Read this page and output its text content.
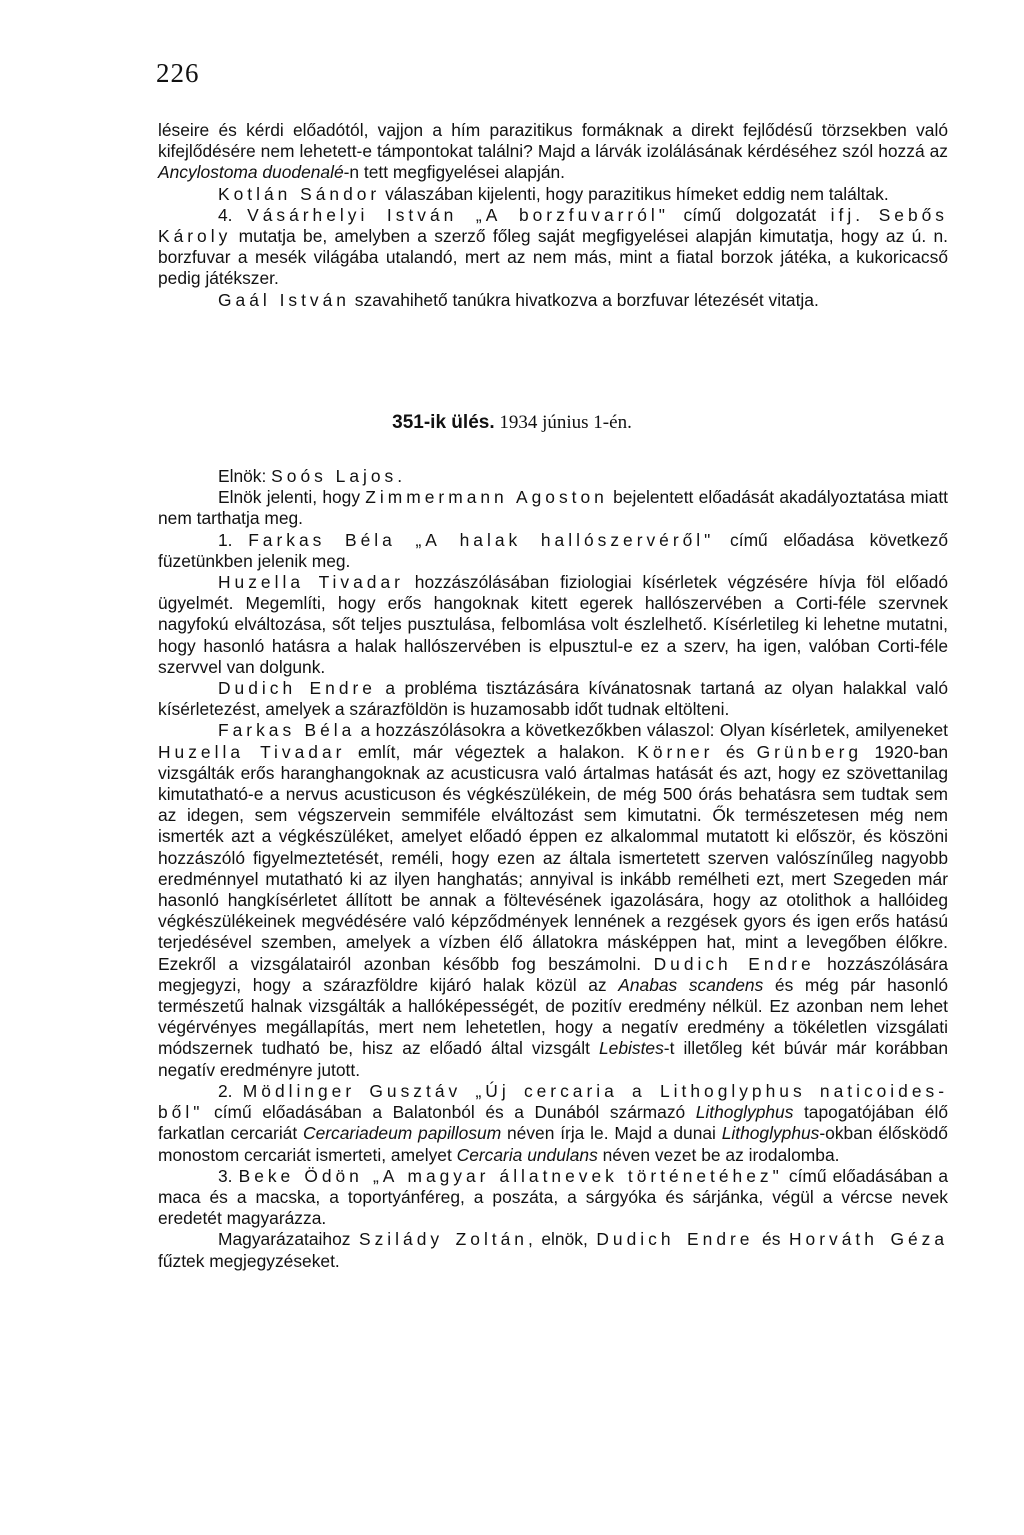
226

léseire és kérdi előadótól, vajjon a hím parazitikus formáknak a direkt fejlődésű törzsekben való kifejlődésére nem lehetett-e támpontokat találni? Majd a lárvák izolálásának kérdéséhez szól hozzá az Ancylostoma duodenalé-n tett megfigyelései alapján.

Kotlán Sándor válaszában kijelenti, hogy parazitikus hímeket eddig nem találtak.

4. Vásárhelyi István „A borzfuvarról" című dolgozatát ifj. Sebős Károly mutatja be, amelyben a szerző főleg saját megfigyelései alapján kimutatja, hogy az ú. n. borzfuvar a mesék világába utalandó, mert az nem más, mint a fiatal borzok játéka, a kukoricacső pedig játékszer.

Gaál István szavahihető tanúkra hivatkozva a borzfuvar létezését vitatja.

351-ik ülés. 1934 június 1-én.

Elnök: Soós Lajos.

Elnök jelenti, hogy Zimmermann Agoston bejelentett előadását akadályoztatása miatt nem tarthatja meg.

1. Farkas Béla „A halak hallószervéről" című előadása következő füzetünkben jelenik meg.

Huzella Tivadar hozzászólásában fiziologiai kísérletek végzésére hívja föl előadó ügyelmét. Megemlíti, hogy erős hangoknak kitett egerek hallószervében a Corti-féle szervnek nagyfokú elváltozása, sőt teljes pusztulása, felbomlása volt észlelhető. Kísérletileg ki lehetne mutatni, hogy hasonló hatásra a halak hallószervében is elpusztul-e ez a szerv, ha igen, valóban Corti-féle szervvel van dolgunk.

Dudich Endre a probléma tisztázására kívánatosnak tartaná az olyan halakkal való kísérletezést, amelyek a szárazföldön is huzamosabb időt tudnak eltölteni.

Farkas Béla a hozzászólásokra a következőkben válaszol: Olyan kísérletek, amilyeneket Huzella Tivadar említ, már végeztek a halakon. Körner és Grünberg 1920-ban vizsgálták erős haranghangoknak az acusticusra való ártalmas hatását és azt, hogy ez szövettanilag kimutatható-e a nervus acusticuson és végkészülékein, de még 500 órás behatásra sem tudtak sem az idegen, sem végszervein semmiféle elváltozást sem kimutatni. Ők természetesen még nem ismerték azt a végkészüléket, amelyet előadó éppen ez alkalommal mutatott ki először, és köszöni hozzászóló figyelmeztetését, reméli, hogy ezen az általa ismertetett szerven valószínűleg nagyobb eredménnyel mutatható ki az ilyen hanghatás; annyival is inkább remélheti ezt, mert Szegeden már hasonló hangkísérletet állított be annak a föltevésének igazolására, hogy az otolithok a hallóideg végkészülékeinek megvédésére való képződmények lennének a rezgések gyors és igen erős hatású terjedésével szemben, amelyek a vízben élő állatokra másképpen hat, mint a levegőben élőkre. Ezekről a vizsgálatairól azonban később fog beszámolni. Dudich Endre hozzászólására megjegyzi, hogy a szárazföldre kijáró halak közül az Anabas scandens és még pár hasonló természetű halnak vizsgálták a hallóképességét, de pozitív eredmény nélkül. Ez azonban nem lehet végérvényes megállapítás, mert nem lehetetlen, hogy a negatív eredmény a tökéletlen vizsgálati módszernek tudható be, hisz az előadó által vizsgált Lebistes-t illetőleg két búvár már korábban negatív eredményre jutott.

2. Mödlinger Gusztáv „Új cercaria a Lithoglyphus naticoides-ből" című előadásában a Balatonból és a Dunából származó Lithoglyphus tapogatójában élő farkatlan cercariát Cercariadeum papillosum néven írja le. Majd a dunai Lithoglyphus-okban élősködő monostom cercariát ismerteti, amelyet Cercaria undulans néven vezet be az irodalomba.

3. Beke Ödön „A magyar állatnevek történetéhez" című előadásában a maca és a macska, a toportyánféreg, a poszáta, a sárgyóka és sárjánka, végül a vércse nevek eredetét magyarázza.

Magyarázataihoz Szilády Zoltán, elnök, Dudich Endre és Horváth Géza fűztek megjegyzéseket.
